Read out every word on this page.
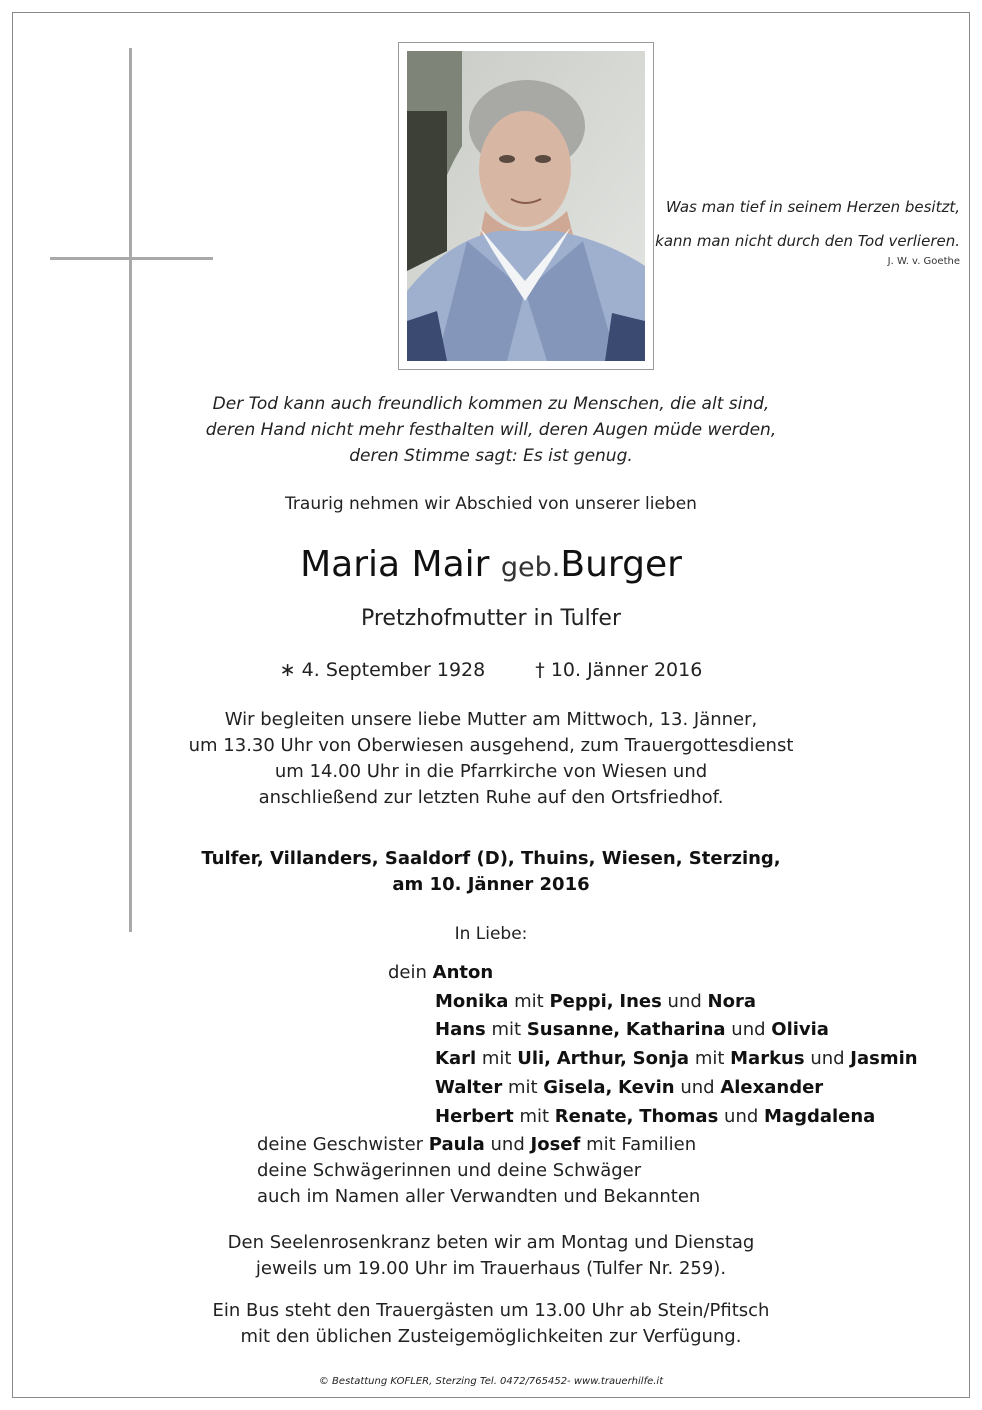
Was man tief in seinem Herzen besitzt,
kann man nicht durch den Tod verlieren.
J. W. v. Goethe
Der Tod kann auch freundlich kommen zu Menschen, die alt sind,
deren Hand nicht mehr festhalten will, deren Augen müde werden,
deren Stimme sagt: Es ist genug.
Traurig nehmen wir Abschied von unserer lieben
Maria Mair geb.Burger
Pretzhofmutter in Tulfer
∗ 4. September 1928	† 10. Jänner 2016
Wir begleiten unsere liebe Mutter am Mittwoch, 13. Jänner,
um 13.30 Uhr von Oberwiesen ausgehend, zum Trauergottesdienst
um 14.00 Uhr in die Pfarrkirche von Wiesen und
anschließend zur letzten Ruhe auf den Ortsfriedhof.
Tulfer, Villanders, Saaldorf (D), Thuins, Wiesen, Sterzing,
am 10. Jänner 2016
In Liebe:
dein Anton
Monika mit Peppi, Ines und Nora
Hans mit Susanne, Katharina und Olivia
Karl mit Uli, Arthur, Sonja mit Markus und Jasmin
Walter mit Gisela, Kevin und Alexander
Herbert mit Renate, Thomas und Magdalena
deine Geschwister Paula und Josef mit Familien
deine Schwägerinnen und deine Schwäger
auch im Namen aller Verwandten und Bekannten
Den Seelenrosenkranz beten wir am Montag und Dienstag
jeweils um 19.00 Uhr im Trauerhaus (Tulfer Nr. 259).
Ein Bus steht den Trauergästen um 13.00 Uhr ab Stein/Pfitsch
mit den üblichen Zusteigemöglichkeiten zur Verfügung.
© Bestattung KOFLER, Sterzing Tel. 0472/765452- www.trauerhilfe.it
